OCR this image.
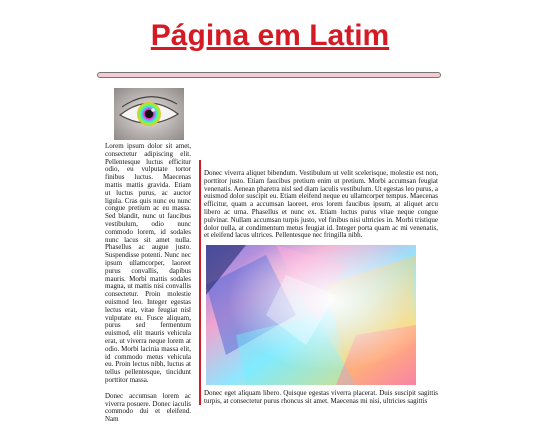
Página em Latim

Lorem ipsum dolor sit amet, consectetur adipiscing elit. Pellentesque luctus efficitur odio, eu vulputate tortor finibus luctus. Maecenas mattis mattis gravida. Etiam ut luctus purus, ac auctor ligula. Cras quis nunc eu nunc congue pretium ac eu massa. Sed blandit, nunc ut faucibus vestibulum, odio nunc commodo lorem, id sodales nunc lacus sit amet nulla. Phasellus ac augue justo. Suspendisse potenti. Nunc nec ipsum ullamcorper, laoreet purus convallis, dapibus mauris. Morbi mattis sodales magna, ut mattis nisi convallis consectetur. Proin molestie euismod leo. Integer egestas lectus erat, vitae feugiat nisl vulputate eu. Fusce aliquam, purus sed fermentum euismod, elit mauris vehicula erat, ut viverra neque lorem at odio. Morbi lacinia massa elit, id commodo metus vehicula eu. Proin lectus nibh, luctus at tellus pellentesque, tincidunt porttitor massa.

Donec accumsan lorem ac viverra posuere. Donec iaculis commodo dui et eleifend. Nam

Donec viverra aliquet bibendum. Vestibulum ut velit scelerisque, molestie est non, porttitor justo. Etiam faucibus pretium enim ut pretium. Morbi accumsan feugiat venenatis. Aenean pharetra nisl sed diam iaculis vestibulum. Ut egestas leo purus, a euismod dolor suscipit eu. Etiam eleifend neque eu ullamcorper tempus. Maecenas efficitur, quam a accumsan laoreet, eros lorem faucibus ipsum, at aliquet arcu libero ac urna. Phasellus et nunc ex. Etiam luctus purus vitae neque congue pulvinar. Nullam accumsan turpis justo, vel finibus nisi ultricies in. Morbi tristique dolor nulla, at condimentum metus feugiat id. Integer porta quam ac mi venenatis, et eleifend lacus ultrices. Pellentesque nec fringilla nibh.

Donec eget aliquam libero. Quisque egestas viverra placerat. Duis suscipit sagittis turpis, at consectetur purus rhoncus sit amet. Maecenas mi nisi, ultricies sagittis
